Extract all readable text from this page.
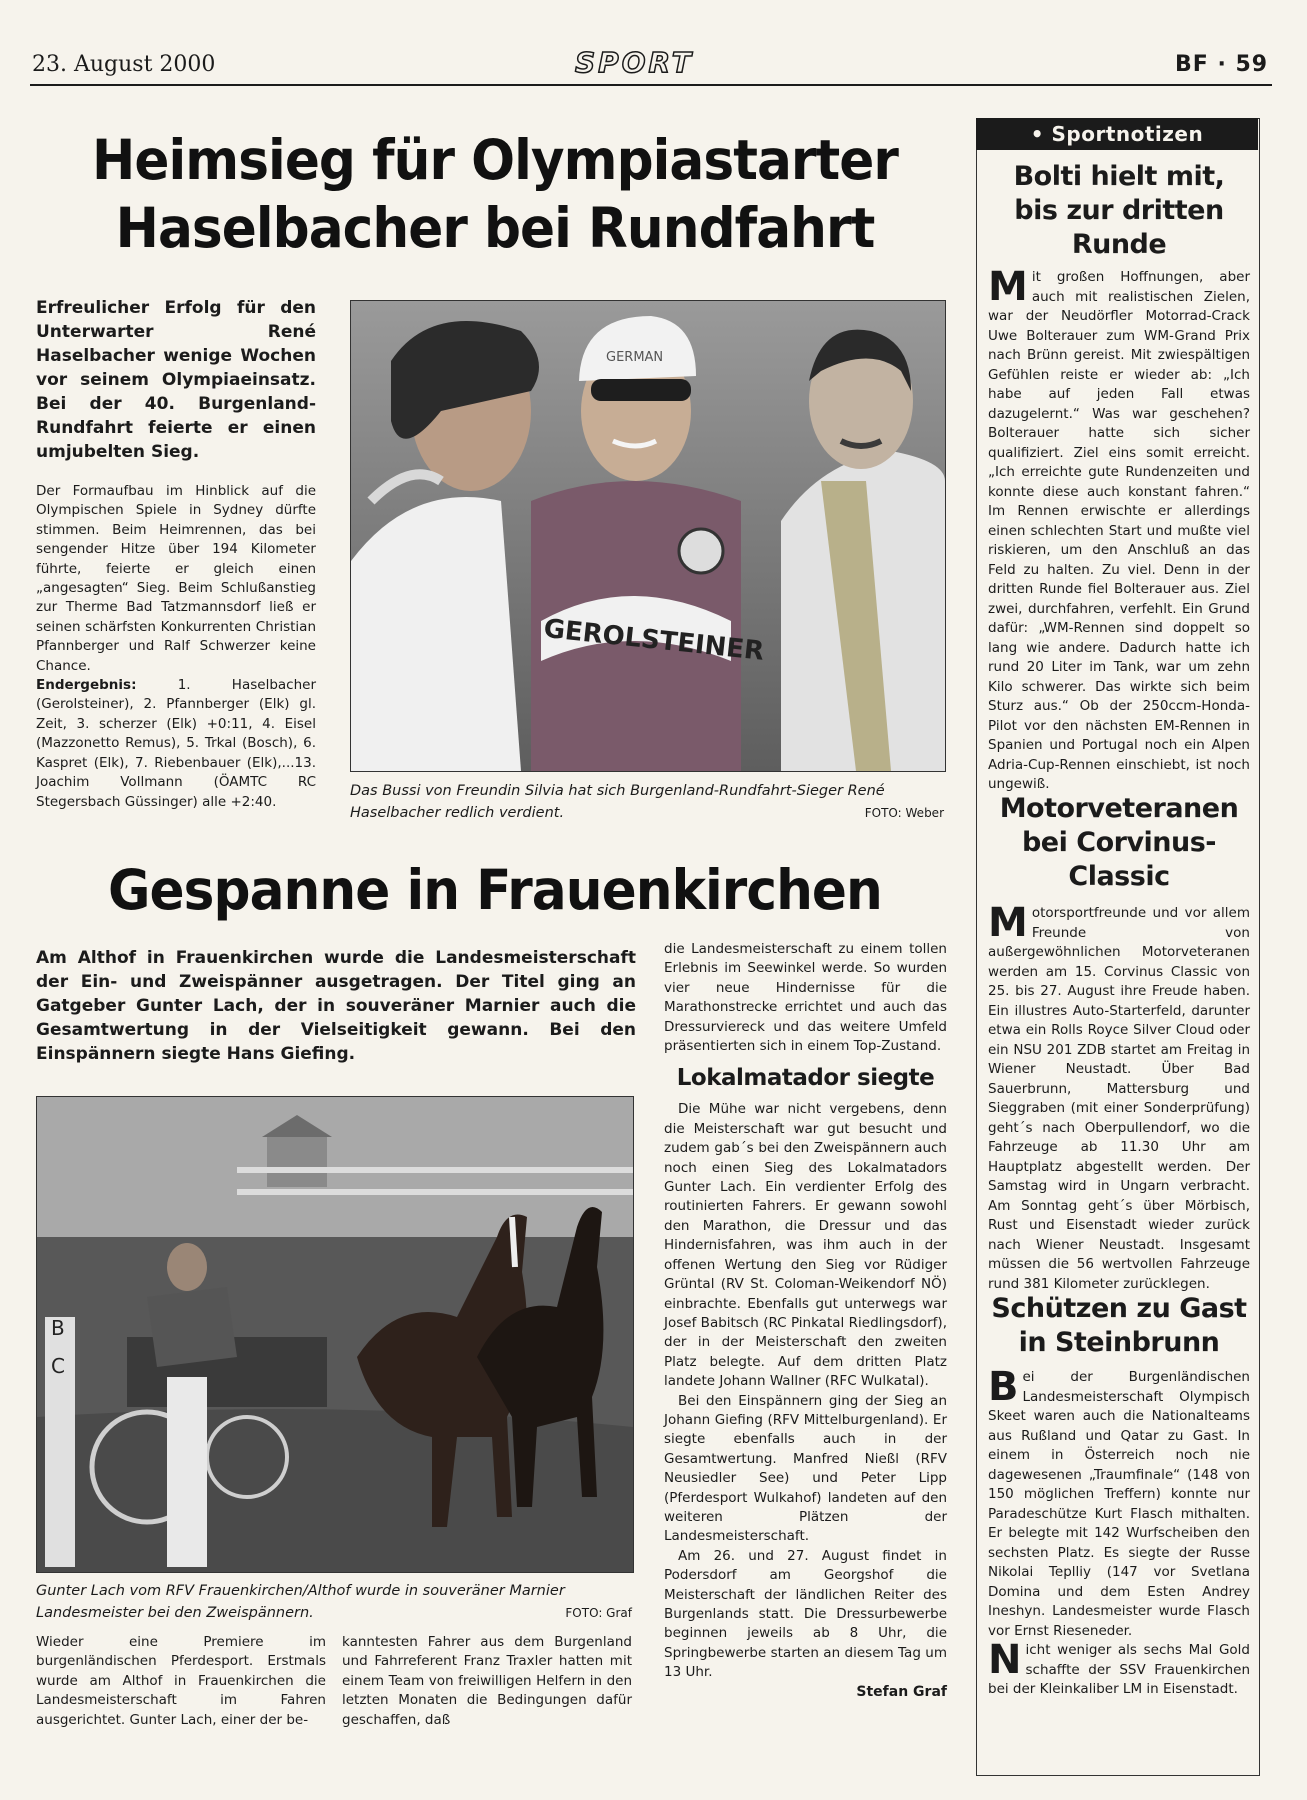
23. August 2000	SPORT	BF · 59
Heimsieg für Olympiastarter
Haselbacher bei Rundfahrt
Erfreulicher Erfolg für den Unterwarter René Haselbacher wenige Wochen vor seinem Olympiaeinsatz. Bei der 40. Burgenland-Rundfahrt feierte er einen umjubelten Sieg.
Der Formaufbau im Hinblick auf die Olympischen Spiele in Sydney dürfte stimmen. Beim Heimrennen, das bei sengender Hitze über 194 Kilometer führte, feierte er gleich einen „angesagten“ Sieg. Beim Schlußanstieg zur Therme Bad Tatzmannsdorf ließ er seinen schärfsten Konkurrenten Christian Pfannberger und Ralf Schwerzer keine Chance.
Endergebnis:	1. Haselbacher (Gerolsteiner), 2. Pfannberger (Elk) gl. Zeit, 3. scherzer (Elk) +0:11, 4. Eisel (Mazzonetto Remus), 5. Trkal (Bosch), 6. Kaspret (Elk), 7. Riebenbauer (Elk),...13. Joachim Vollmann (ÖAMTC RC Stegersbach Güssinger) alle +2:40.
GEROLSTEINER
GERMAN
Das Bussi von Freundin Silvia hat sich Burgenland-Rundfahrt-Sieger René Haselbacher redlich verdient.	FOTO: Weber
Gespanne in Frauenkirchen
Am Althof in Frauenkirchen wurde die Landesmeisterschaft der Ein- und Zweispänner ausgetragen. Der Titel ging an Gatgeber Gunter Lach, der in souveräner Marnier auch die Gesamtwertung in der Vielseitigkeit gewann. Bei den Einspännern siegte Hans Giefing.
B
C
Gunter Lach vom RFV Frauenkirchen/Althof wurde in souveräner Marnier Landesmeister bei den Zweispännern.	FOTO: Graf
Wieder eine Premiere im burgenländischen Pferdesport. Erstmals wurde am Althof in Frauenkirchen die Landesmeisterschaft im Fahren ausgerichtet. Gunter Lach, einer der be-
kanntesten Fahrer aus dem Burgenland und Fahrreferent Franz Traxler hatten mit einem Team von freiwilligen Helfern in den letzten Monaten die Bedingungen dafür geschaffen, daß
die Landesmeisterschaft zu einem tollen Erlebnis im Seewinkel werde. So wurden vier neue Hindernisse für die Marathonstrecke errichtet und auch das Dressurviereck und das weitere Umfeld präsentierten sich in einem Top-Zustand.
Lokalmatador siegte

Die Mühe war nicht vergebens, denn die Meisterschaft war gut besucht und zudem gab´s bei den Zweispännern auch noch einen Sieg des Lokalmatadors Gunter Lach. Ein verdienter Erfolg des routinierten Fahrers. Er gewann sowohl den Marathon, die Dressur und das Hindernisfahren, was ihm auch in der offenen Wertung den Sieg vor Rüdiger Grüntal (RV St. Coloman-Weikendorf NÖ) einbrachte. Ebenfalls gut unterwegs war Josef Babitsch (RC Pinkatal Riedlingsdorf), der in der Meisterschaft den zweiten Platz belegte. Auf dem dritten Platz landete Johann Wallner (RFC Wulkatal).

Bei den Einspännern ging der Sieg an Johann Giefing (RFV Mittelburgenland). Er siegte ebenfalls auch in der Gesamtwertung. Manfred Nießl (RFV Neusiedler See) und Peter Lipp (Pferdesport Wulkahof) landeten auf den weiteren Plätzen der Landesmeisterschaft.

Am 26. und 27. August findet in Podersdorf am Georgshof die Meisterschaft der ländlichen Reiter des Burgenlands statt. Die Dressurbewerbe beginnen jeweils ab 8 Uhr, die Springbewerbe starten an diesem Tag um 13 Uhr.

Stefan Graf
• Sportnotizen
Bolti hielt mit, bis zur dritten Runde
M it großen Hoffnungen, aber auch mit realistischen Zielen, war der Neudörfler Motorrad-Crack Uwe Bolterauer zum WM-Grand Prix nach Brünn gereist. Mit zwiespältigen Gefühlen reiste er wieder ab: „Ich habe auf jeden Fall etwas dazugelernt.“ Was war geschehen? Bolterauer hatte sich sicher qualifiziert. Ziel eins somit erreicht. „Ich erreichte gute Rundenzeiten und konnte diese auch konstant fahren.“ Im Rennen erwischte er allerdings einen schlechten Start und mußte viel riskieren, um den Anschluß an das Feld zu halten. Zu viel. Denn in der dritten Runde fiel Bolterauer aus. Ziel zwei, durchfahren, verfehlt. Ein Grund dafür: „WM-Rennen sind doppelt so lang wie andere. Dadurch hatte ich rund 20 Liter im Tank, war um zehn Kilo schwerer. Das wirkte sich beim Sturz aus.“ Ob der 250ccm-Honda-Pilot vor den nächsten EM-Rennen in Spanien und Portugal noch ein Alpen Adria-Cup-Rennen einschiebt, ist noch ungewiß.
Motorveteranen bei Corvinus-Classic
M otorsportfreunde und vor allem Freunde von außergewöhnlichen Motorveteranen werden am 15. Corvinus Classic von 25. bis 27. August ihre Freude haben. Ein illustres Auto-Starterfeld, darunter etwa ein Rolls Royce Silver Cloud oder ein NSU 201 ZDB startet am Freitag in Wiener Neustadt. Über Bad Sauerbrunn, Mattersburg und Sieggraben (mit einer Sonderprüfung) geht´s nach Oberpullendorf, wo die Fahrzeuge ab 11.30 Uhr am Hauptplatz abgestellt werden. Der Samstag wird in Ungarn verbracht. Am Sonntag geht´s über Mörbisch, Rust und Eisenstadt wieder zurück nach Wiener Neustadt. Insgesamt müssen die 56 wertvollen Fahrzeuge rund 381 Kilometer zurücklegen.
Schützen zu Gast in Steinbrunn

B ei der Burgenländischen Landesmeisterschaft Olympisch Skeet waren auch die Nationalteams aus Rußland und Qatar zu Gast. In einem in Österreich noch nie dagewesenen „Traumfinale“ (148 von 150 möglichen Treffern) konnte nur Paradeschütze Kurt Flasch mithalten. Er belegte mit 142 Wurfscheiben den sechsten Platz. Es siegte der Russe Nikolai Teplliy (147 vor Svetlana Domina und dem Esten Andrey Ineshyn. Landesmeister wurde Flasch vor Ernst Rieseneder.

N icht weniger als sechs Mal Gold schaffte der SSV Frauenkirchen bei der Kleinkaliber LM in Eisenstadt.
